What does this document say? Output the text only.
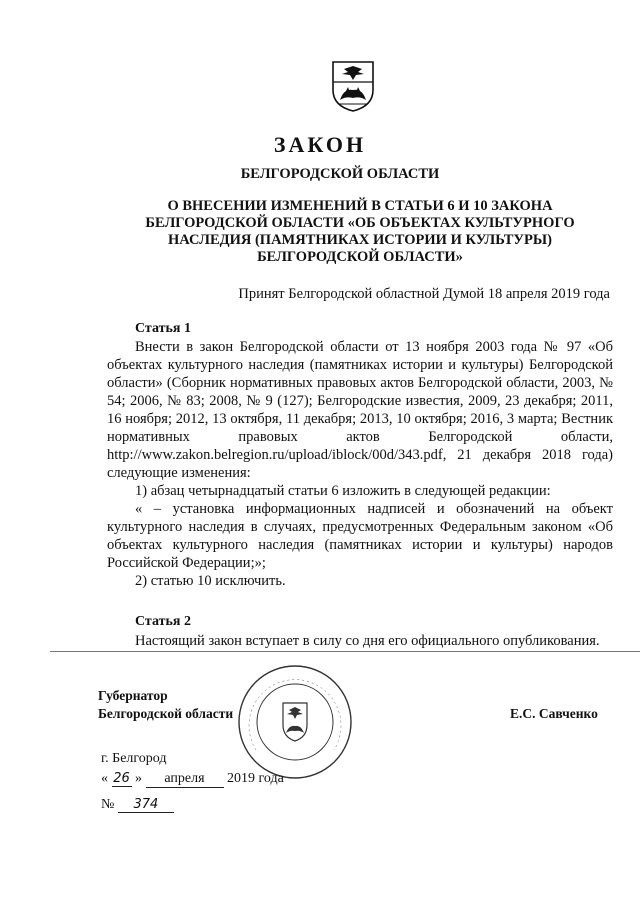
ЗАКОН
БЕЛГОРОДСКОЙ ОБЛАСТИ
О ВНЕСЕНИИ ИЗМЕНЕНИЙ В СТАТЬИ 6 И 10 ЗАКОНА
БЕЛГОРОДСКОЙ ОБЛАСТИ «ОБ ОБЪЕКТАХ КУЛЬТУРНОГО
НАСЛЕДИЯ (ПАМЯТНИКАХ ИСТОРИИ И КУЛЬТУРЫ)
БЕЛГОРОДСКОЙ ОБЛАСТИ»
Принят Белгородской областной Думой 18 апреля 2019 года
Статья 1

Внести в закон Белгородской области от 13 ноября 2003 года № 97 «Об объектах культурного наследия (памятниках истории и культуры) Белгородской области» (Сборник нормативных правовых актов Белгородской области, 2003, № 54; 2006, № 83; 2008, № 9 (127); Белгородские известия, 2009, 23 декабря; 2011, 16 ноября; 2012, 13 октября, 11 декабря; 2013, 10 октября; 2016, 3 марта; Вестник нормативных правовых актов Белгородской области, http://www.zakon.belregion.ru/upload/iblock/00d/343.pdf, 21 декабря 2018 года) следующие изменения:

1) абзац четырнадцатый статьи 6 изложить в следующей редакции:

« – установка информационных надписей и обозначений на объект культурного наследия в случаях, предусмотренных Федеральным законом «Об объектах культурного наследия (памятниках истории и культуры) народов Российской Федерации;»;

2) статью 10 исключить.

Статья 2

Настоящий закон вступает в силу со дня его официального опубликования.

Губернатор
Белгородской области	Е.С. Савченко
г. Белгород
« 26 » апреля 2019 года
№ 374
